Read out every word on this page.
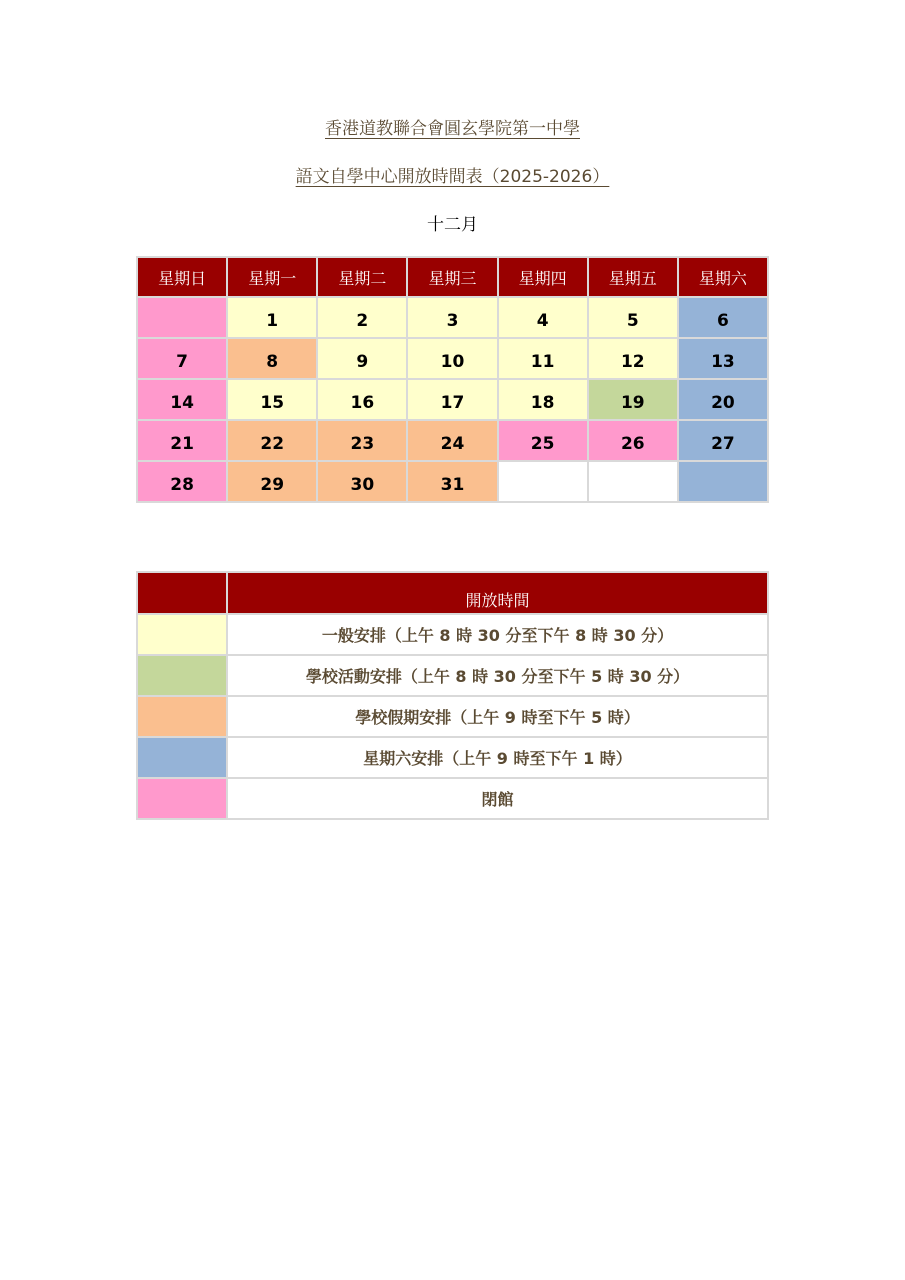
香港道教聯合會圓玄學院第一中學
語文自學中心開放時間表（2025-2026）
十二月
星期日	星期一	星期二	星期三	星期四	星期五	星期六
	1	2	3	4	5	6
7	8	9	10	11	12	13
14	15	16	17	18	19	20
21	22	23	24	25	26	27
28	29	30	31			
	開放時間
	一般安排（上午 8 時 30 分至下午 8 時 30 分）
	學校活動安排（上午 8 時 30 分至下午 5 時 30 分）
	學校假期安排（上午 9 時至下午 5 時）
	星期六安排（上午 9 時至下午 1 時）
	閉館
